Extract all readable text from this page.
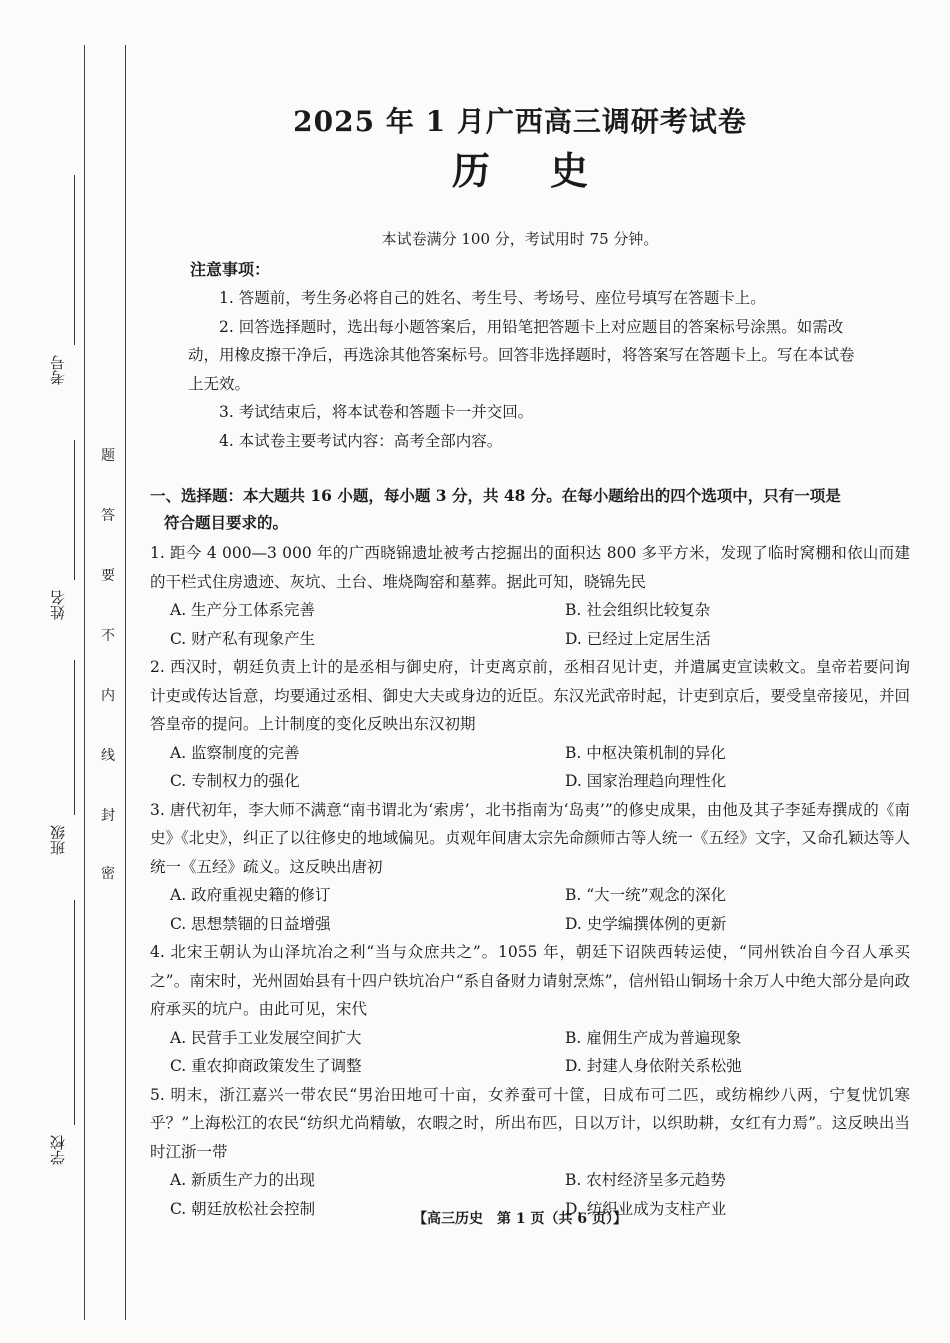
考号
姓名
班级
学校
题
答
要
不
内
线
封
密
2025 年 1 月广西高三调研考试卷
历史
本试卷满分 100 分，考试用时 75 分钟。
注意事项：

1. 答题前，考生务必将自己的姓名、考生号、考场号、座位号填写在答题卡上。

2. 回答选择题时，选出每小题答案后，用铅笔把答题卡上对应题目的答案标号涂黑。如需改动，用橡皮擦干净后，再选涂其他答案标号。回答非选择题时，将答案写在答题卡上。写在本试卷上无效。

3. 考试结束后，将本试卷和答题卡一并交回。

4. 本试卷主要考试内容：高考全部内容。

一、选择题：本大题共 16 小题，每小题 3 分，共 48 分。在每小题给出的四个选项中，只有一项是
符合题目要求的。
1. 距今 4 000—3 000 年的广西晓锦遗址被考古挖掘出的面积达 800 多平方米，发现了临时窝棚和依山而建的干栏式住房遗迹、灰坑、土台、堆烧陶窑和墓葬。据此可知，晓锦先民
A. 生产分工体系完善	B. 社会组织比较复杂
C. 财产私有现象产生	D. 已经过上定居生活
2. 西汉时，朝廷负责上计的是丞相与御史府，计吏离京前，丞相召见计吏，并遣属吏宣读敕文。皇帝若要问询计吏或传达旨意，均要通过丞相、御史大夫或身边的近臣。东汉光武帝时起，计吏到京后，要受皇帝接见，并回答皇帝的提问。上计制度的变化反映出东汉初期
A. 监察制度的完善	B. 中枢决策机制的异化
C. 专制权力的强化	D. 国家治理趋向理性化
3. 唐代初年，李大师不满意“南书谓北为‘索虏’，北书指南为‘岛夷’”的修史成果，由他及其子李延寿撰成的《南史》《北史》，纠正了以往修史的地域偏见。贞观年间唐太宗先命颜师古等人统一《五经》文字，又命孔颖达等人统一《五经》疏义。这反映出唐初
A. 政府重视史籍的修订	B. “大一统”观念的深化
C. 思想禁锢的日益增强	D. 史学编撰体例的更新
4. 北宋王朝认为山泽坑冶之利“当与众庶共之”。1055 年，朝廷下诏陕西转运使，“同州铁冶自今召人承买之”。南宋时，光州固始县有十四户铁坑冶户“系自备财力请射烹炼”，信州铅山铜场十余万人中绝大部分是向政府承买的坑户。由此可见，宋代
A. 民营手工业发展空间扩大	B. 雇佣生产成为普遍现象
C. 重农抑商政策发生了调整	D. 封建人身依附关系松弛
5. 明末，浙江嘉兴一带农民“男治田地可十亩，女养蚕可十筐，日成布可二匹，或纺棉纱八两，宁复忧饥寒乎？”上海松江的农民“纺织尤尚精敏，农暇之时，所出布匹，日以万计，以织助耕，女红有力焉”。这反映出当时江浙一带
A. 新质生产力的出现	B. 农村经济呈多元趋势
C. 朝廷放松社会控制	D. 纺织业成为支柱产业
【高三历史　第 1 页（共 6 页）】
